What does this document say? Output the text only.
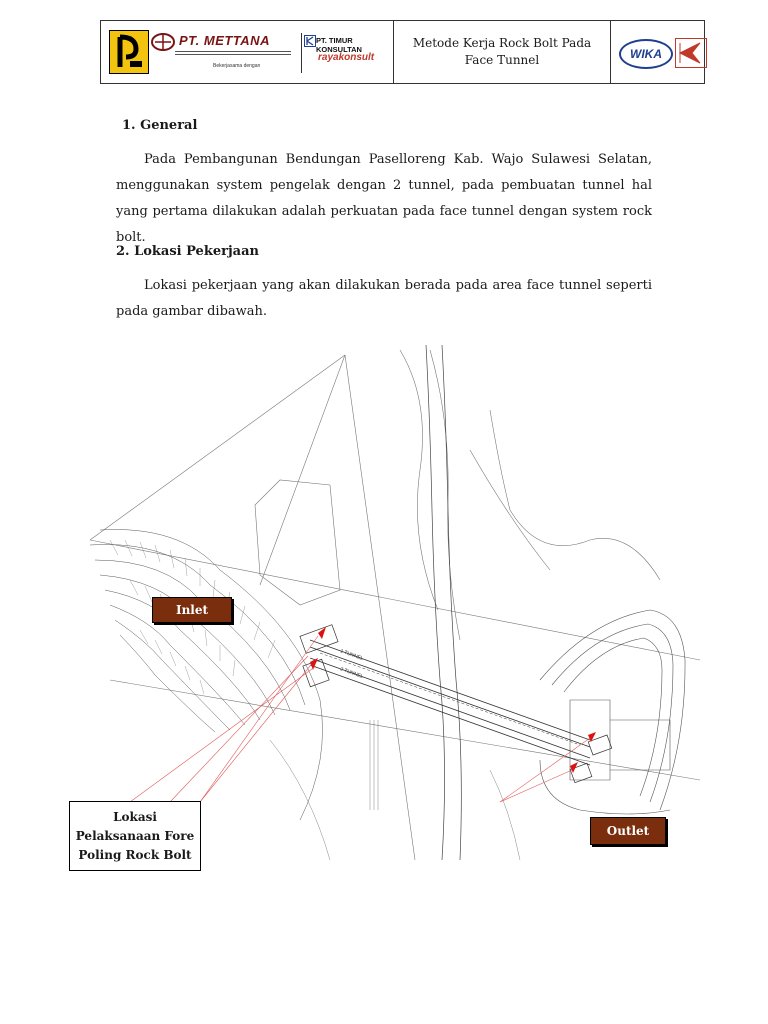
PT. METTANA
Bekerjasama dengan
PT. TIMUR KONSULTAN
rayakonsult
Metode Kerja Rock Bolt Pada Face Tunnel	WIKA
1. General
Pada Pembangunan Bendungan Paselloreng Kab. Wajo Sulawesi Selatan, menggunakan system pengelak dengan 2 tunnel, pada pembuatan tunnel hal yang pertama dilakukan adalah perkuatan pada face tunnel dengan system rock bolt.
2. Lokasi Pekerjaan
Lokasi pekerjaan yang akan dilakukan berada pada area face tunnel seperti pada gambar dibawah.
1 TUNNEL
2 TUNNEL
Inlet
Outlet
Lokasi
Pelaksanaan Fore
Poling Rock Bolt
